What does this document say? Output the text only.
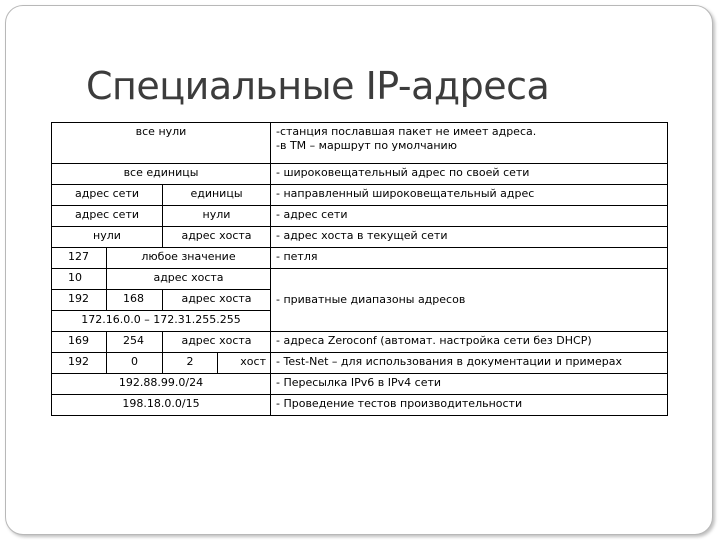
Специальные IP-адреса
все нули				-станция пославшая пакет не имеет адреса.
-в ТМ – маршрут по умолчанию

все единицы				- широковещательный адрес по своей сети
адрес сети		единицы		- направленный широковещательный адрес
адрес сети		нули		- адрес сети
нули		адрес хоста		- адрес хоста в текущей сети
127	любое значение			- петля
10	адрес хоста			- приватные диапазоны адресов
192	168	адрес хоста		
172.16.0.0 – 172.31.255.255				
169	254	адрес хоста		- адреса Zeroconf (автомат. настройка сети без DHCP)
192	0	2	хост	- Test-Net – для использования в документации и примерах
192.88.99.0/24				- Пересылка IPv6 в IPv4 сети
198.18.0.0/15				- Проведение тестов производительности
